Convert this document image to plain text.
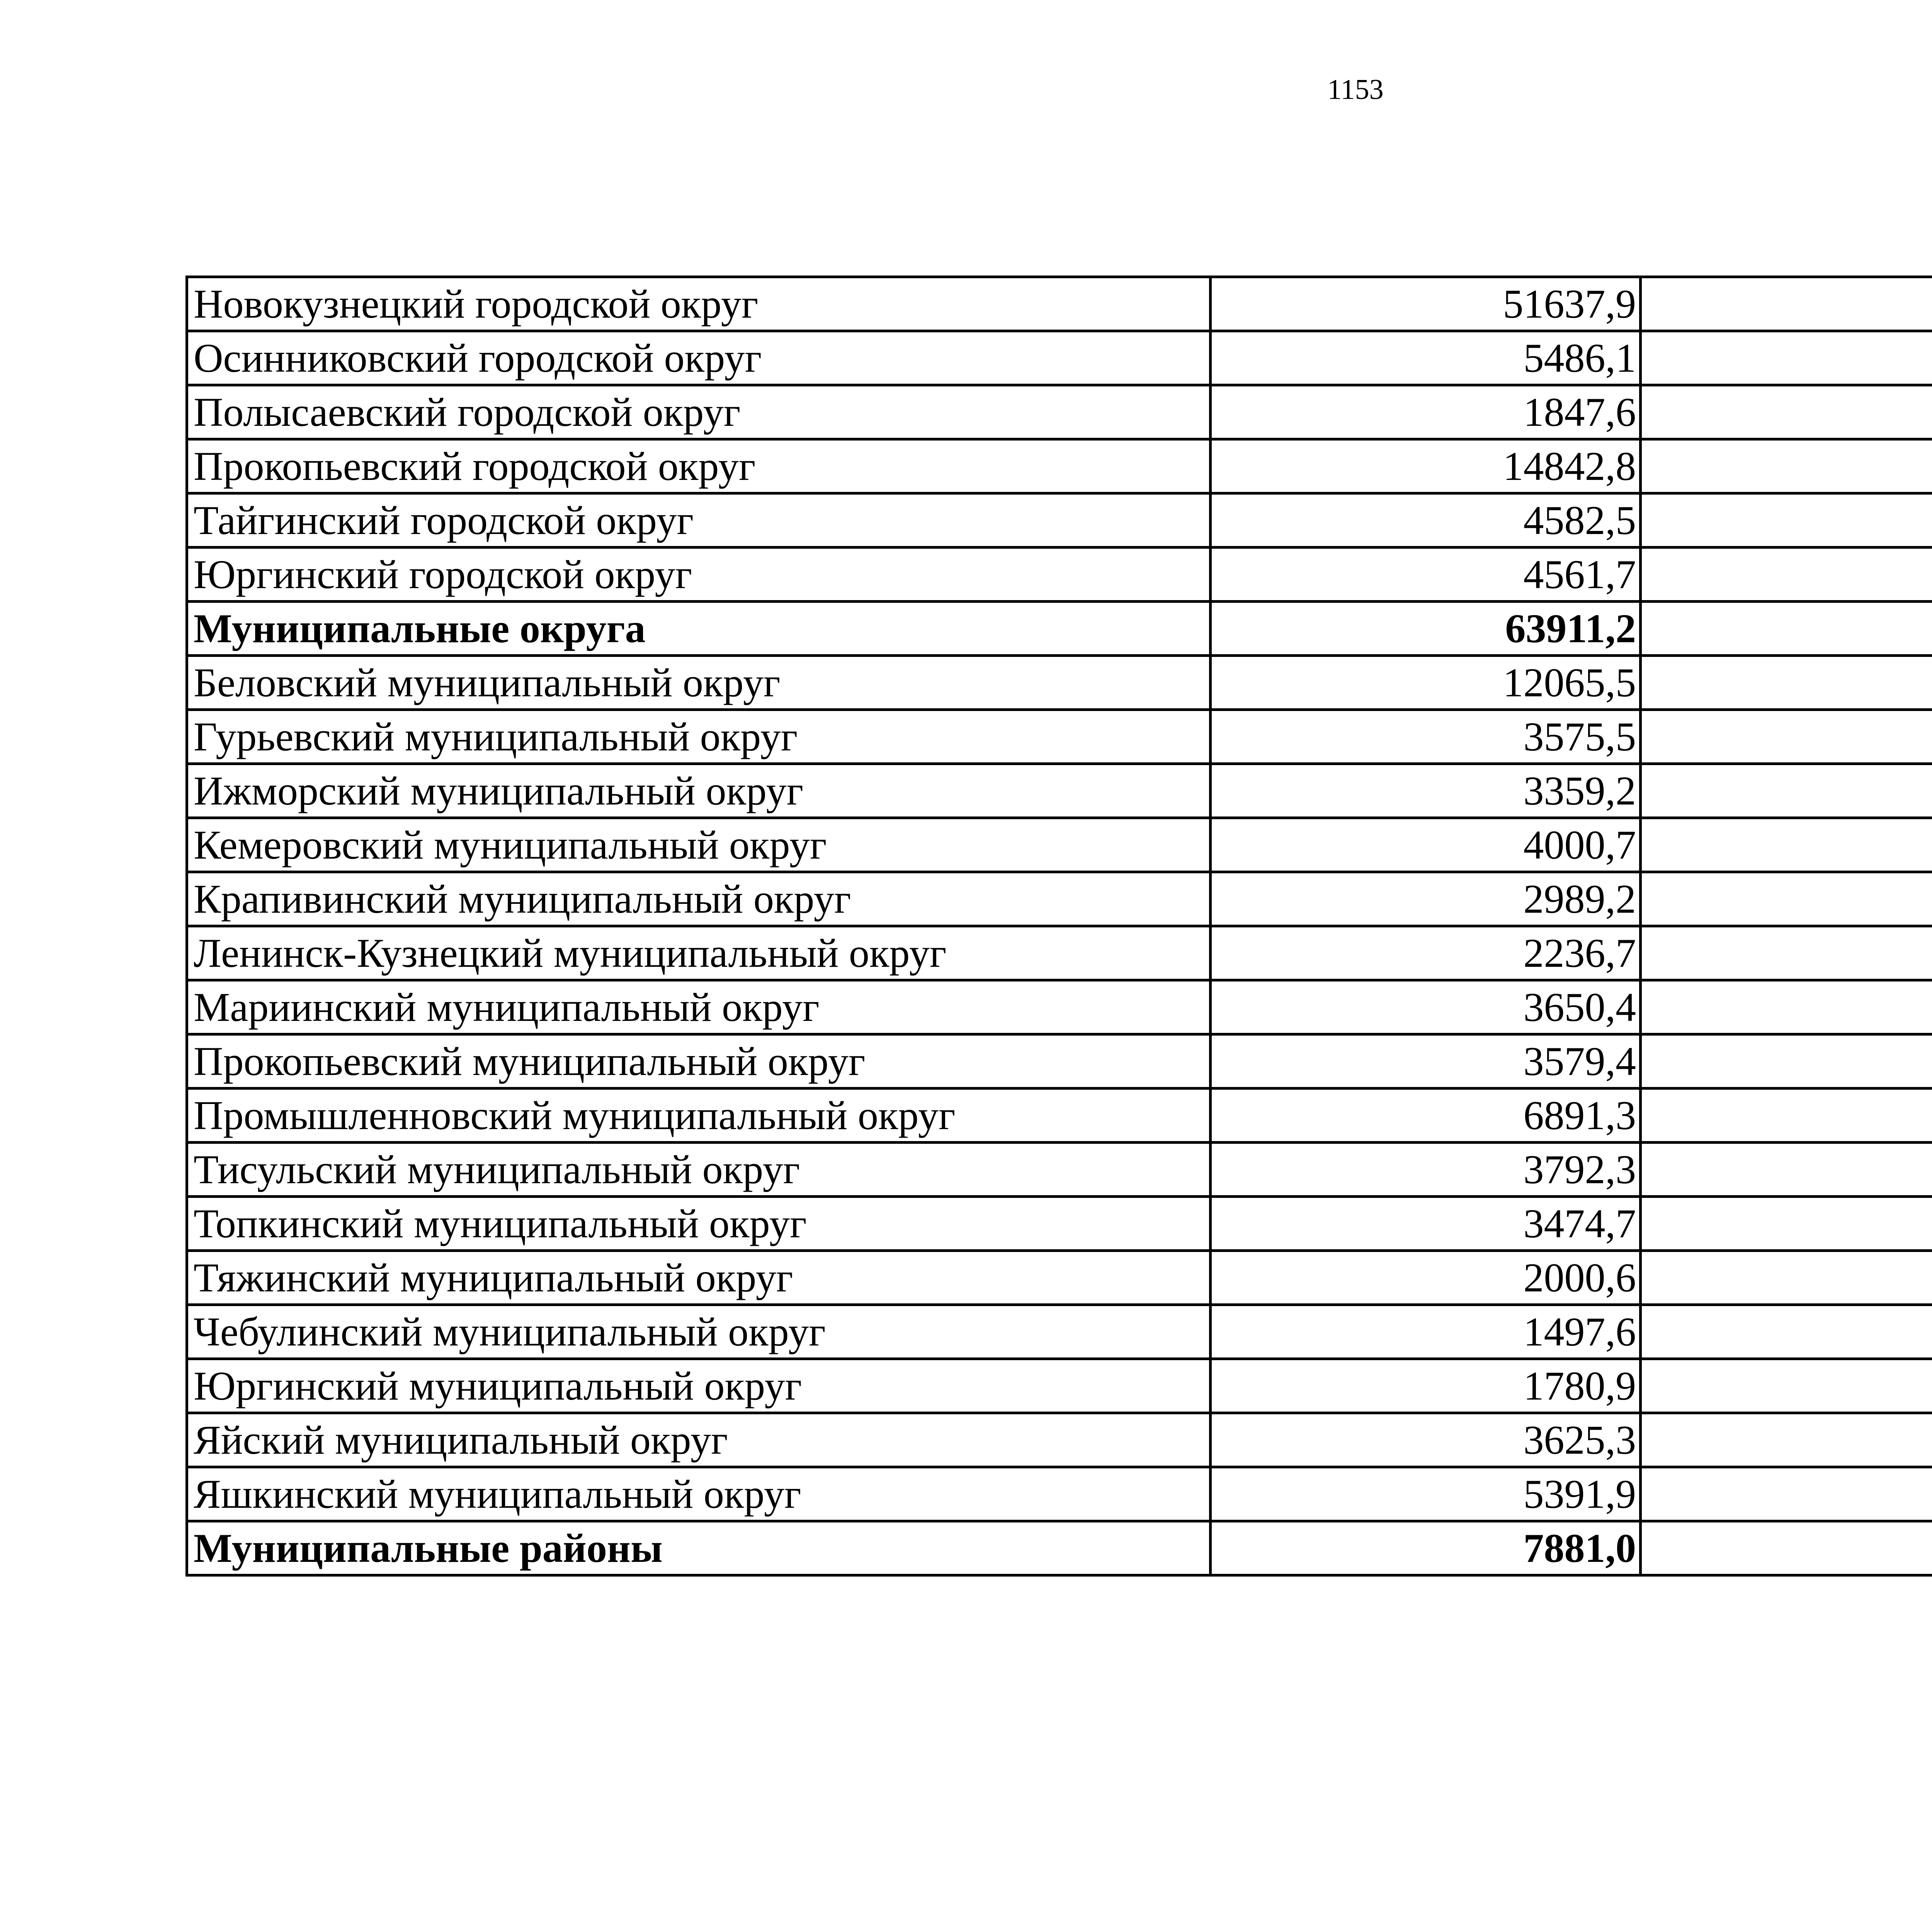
1153
Новокузнецкий городской округ	51637,9		
Осинниковский городской округ	5486,1		
Полысаевский городской округ	1847,6		
Прокопьевский городской округ	14842,8		
Тайгинский городской округ	4582,5		
Юргинский городской округ	4561,7		
Муниципальные округа	63911,2		
Беловский муниципальный округ	12065,5		
Гурьевский муниципальный округ	3575,5		
Ижморский муниципальный округ	3359,2		
Кемеровский муниципальный округ	4000,7		
Крапивинский муниципальный округ	2989,2		
Ленинск-Кузнецкий муниципальный округ	2236,7		
Мариинский муниципальный округ	3650,4		
Прокопьевский муниципальный округ	3579,4		
Промышленновский муниципальный округ	6891,3		
Тисульский муниципальный округ	3792,3		
Топкинский муниципальный округ	3474,7		
Тяжинский муниципальный округ	2000,6		
Чебулинский муниципальный округ	1497,6		
Юргинский муниципальный округ	1780,9		
Яйский муниципальный округ	3625,3		
Яшкинский муниципальный округ	5391,9		
Муниципальные районы	7881,0		
